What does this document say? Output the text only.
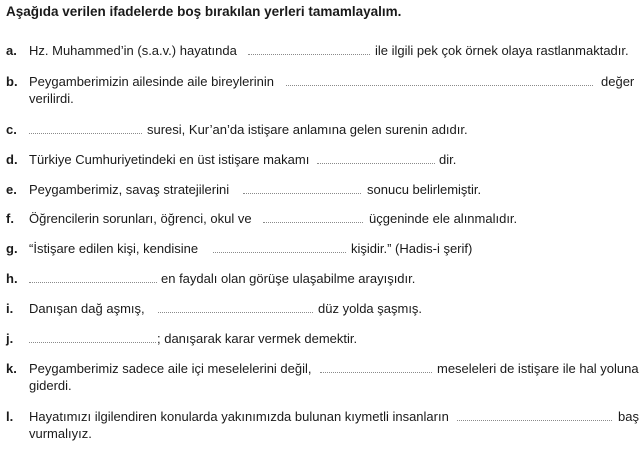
Aşağıda verilen ifadelerde boş bırakılan yerleri tamamlayalım.
a. Hz. Muhammed’in (s.a.v.) hayatında	ile ilgili pek çok örnek olaya rastlanmaktadır.
b. Peygamberimizin ailesinde aile bireylerinin	değer
verilirdi.
c.	suresi, Kur’an’da istişare anlamına gelen surenin adıdır.
d. Türkiye Cumhuriyetindeki en üst istişare makamı	dir.
e. Peygamberimiz, savaş stratejilerini	sonucu belirlemiştir.
f. Öğrencilerin sorunları, öğrenci, okul ve	üçgeninde ele alınmalıdır.
g. “İstişare edilen kişi, kendisine	kişidir.” (Hadis-i şerif)
h.	en faydalı olan görüşe ulaşabilme arayışıdır.
i. Danışan dağ aşmış,	düz yolda şaşmış.
j.	; danışarak karar vermek demektir.
k. Peygamberimiz sadece aile içi meselelerini değil,	meseleleri de istişare ile hal yoluna
giderdi.
l. Hayatımızı ilgilendiren konularda yakınımızda bulunan kıymetli insanların	baş
vurmalıyız.
